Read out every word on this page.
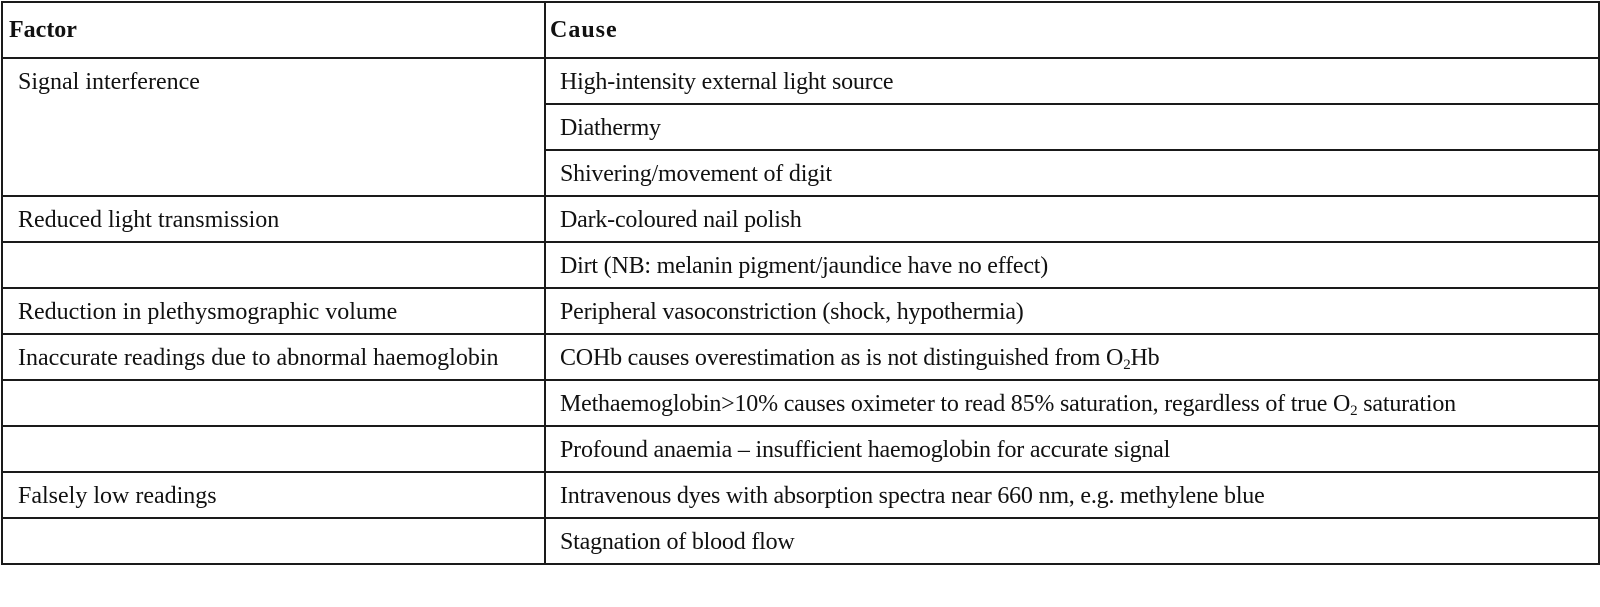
Factor	Cause
Signal interference	High-intensity external light source
	Diathermy
	Shivering/movement of digit
Reduced light transmission	Dark-coloured nail polish
	Dirt (NB: melanin pigment/jaundice have no effect)
Reduction in plethysmographic volume	Peripheral vasoconstriction (shock, hypothermia)
Inaccurate readings due to abnormal haemoglobin	COHb causes overestimation as is not distinguished from $O_2Hb$
	Methaemoglobin>10% causes oximeter to read 85% saturation, regardless of true $O_2$ saturation
	Profound anaemia – insufficient haemoglobin for accurate signal
Falsely low readings	Intravenous dyes with absorption spectra near 660 nm, e.g. methylene blue
	Stagnation of blood flow
